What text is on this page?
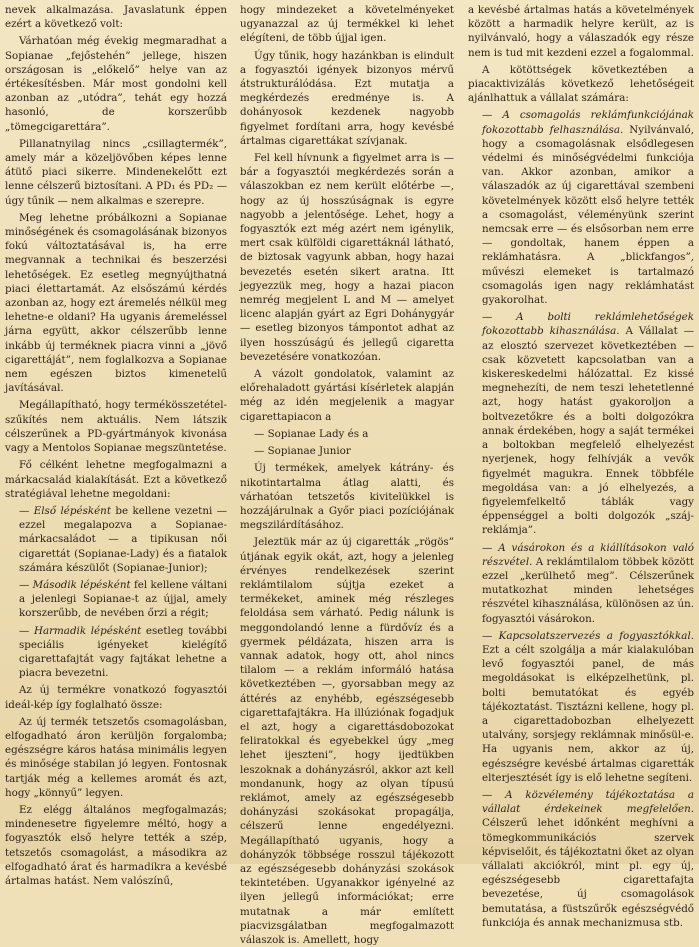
nevek alkalmazása. Javaslatunk éppen ezért a következő volt:

Várhatóan még évekig megmaradhat a Sopianae „fejőstehén” jellege, hiszen országosan is „előkelő” helye van az értékesítésben. Már most gondolni kell azonban az „utódra”, tehát egy hozzá hasonló, de korszerűbb „tömegcigarettára”.

Pillanatnyilag nincs „csillagtermék”, amely már a közeljövőben képes lenne átütő piaci sikerre. Mindenekelőtt ezt lenne célszerű biztosítani. A PD₁ és PD₂ — úgy tűnik — nem alkalmas e szerepre.

Meg lehetne próbálkozni a Sopianae minőségének és csomagolásának bizonyos fokú változtatásával is, ha erre megvannak a technikai és beszerzési lehetőségek. Ez esetleg megnyújthatná piaci élettartamát. Az elsőszámú kérdés azonban az, hogy ezt áremelés nélkül meg lehetne-e oldani? Ha ugyanis áremeléssel járna együtt, akkor célszerűbb lenne inkább új terméknek piacra vinni a „jövő cigarettáját”, nem foglalkozva a Sopianae nem egészen biztos kimenetelű javításával.

Megállapítható, hogy termékösszetétel-szűkítés nem aktuális. Nem látszik célszerűnek a PD-gyártmányok kivonása vagy a Mentolos Sopianae megszüntetése.

Fő célként lehetne megfogalmazni a márkacsalád kialakítását. Ezt a következő stratégiával lehetne megoldani:

— Első lépésként be kellene vezetni — ezzel megalapozva a Sopianae-márkacsaládot — a tipikusan női cigarettát (Sopianae-Lady) és a fiatalok számára készülőt (Sopianae-Junior);

— Második lépésként fel kellene váltani a jelenlegi Sopianae-t az újjal, amely korszerűbb, de nevében őrzi a régit;

— Harmadik lépésként esetleg további speciális igényeket kielégítő cigarettafajtát vagy fajtákat lehetne a piacra bevezetni.

Az új termékre vonatkozó fogyasztói ideál-kép így foglalható össze:

Az új termék tetszetős csomagolásban, elfogadható áron kerüljön forgalomba; egészségre káros hatása minimális legyen és minősége stabilan jó legyen. Fontosnak tartják még a kellemes aromát és azt, hogy „könnyű” legyen.

Ez elégg általános megfogalmazás; mindenesetre figyelemre méltó, hogy a fogyasztók első helyre tették a szép, tetszetős csomagolást, a másodikra az elfogadható árat és harmadikra a kevésbé ártalmas hatást. Nem valószínű,

hogy mindezeket a követelményeket ugyanazzal az új termékkel ki lehet elégíteni, de több újjal igen.

Úgy tűnik, hogy hazánkban is elindult a fogyasztói igények bizonyos mérvű átstrukturálódása. Ezt mutatja a megkérdezés eredménye is. A dohányosok kezdenek nagyobb figyelmet fordítani arra, hogy kevésbé ártalmas cigarettákat szívjanak.

Fel kell hívnunk a figyelmet arra is — bár a fogyasztói megkérdezés során a válaszokban ez nem került előtérbe —, hogy az új hosszúságnak is egyre nagyobb a jelentősége. Lehet, hogy a fogyasztók ezt még azért nem igénylik, mert csak külföldi cigarettáknál látható, de biztosak vagyunk abban, hogy hazai bevezetés esetén sikert aratna. Itt jegyezzük meg, hogy a hazai piacon nemrég megjelent L and M — amelyet licenc alapján gyárt az Egri Dohánygyár — esetleg bizonyos támpontot adhat az ilyen hosszúságú és jellegű cigaretta bevezetésére vonatkozóan.

A vázolt gondolatok, valamint az előrehaladott gyártási kísérletek alapján még az idén megjelenik a magyar cigarettapiacon a

— Sopianae Lady és a

— Sopianae Junior

Új termékek, amelyek kátrány- és nikotintartalma átlag alatti, és várhatóan tetszetős kivitelükkel is hozzájárulnak a Győr piaci pozíciójának megszilárdításához.

Jeleztük már az új cigaretták „rögös” útjának egyik okát, azt, hogy a jelenleg érvényes rendelkezések szerint reklámtilalom sújtja ezeket a termékeket, aminek még részleges feloldása sem várható. Pedig nálunk is meggondolandó lenne a fürdővíz és a gyermek példázata, hiszen arra is vannak adatok, hogy ott, ahol nincs tilalom — a reklám informáló hatása következtében —, gyorsabban megy az áttérés az enyhébb, egészségesebb cigarettafajtákra. Ha illúziónak fogadjuk el azt, hogy a cigarettásdobozokat feliratokkal és egyebekkel úgy „meg lehet ijeszteni”, hogy ijedtükben leszoknak a dohányzásról, akkor azt kell mondanunk, hogy az olyan típusú reklámot, amely az egészségesebb dohányzási szokásokat propagálja, célszerű lenne engedélyezni. Megállapítható ugyanis, hogy a dohányzók többsége rosszul tájékozott az egészségesebb dohányzási szokások tekintetében. Ugyanakkor igényelné az ilyen jellegű információkat; erre mutatnak a már említett piacvizsgálatban megfogalmazott válaszok is. Amellett, hogy

a kevésbé ártalmas hatás a követelmények között a harmadik helyre került, az is nyilvánvaló, hogy a válaszadók egy része nem is tud mit kezdeni ezzel a fogalommal.

A kötöttségek következtében a piacaktivizálás következő lehetőségeit ajánlhattuk a vállalat számára:

— A csomagolás reklámfunkciójának fokozottabb felhasználása. Nyilvánvaló, hogy a csomagolásnak elsődlegesen védelmi és minőségvédelmi funkciója van. Akkor azonban, amikor a válaszadók az új cigarettával szembeni követelmények között első helyre tették a csomagolást, véleményünk szerint nemcsak erre — és elsősorban nem erre — gondoltak, hanem éppen a reklámhatásra. A „blickfangos”, művészi elemeket is tartalmazó csomagolás igen nagy reklámhatást gyakorolhat.

— A bolti reklámlehetőségek fokozottabb kihasználása. A Vállalat — az elosztó szervezet következtében — csak közvetett kapcsolatban van a kiskereskedelmi hálózattal. Ez kissé megnehezíti, de nem teszi lehetetlenné azt, hogy hatást gyakoroljon a boltvezetőkre és a bolti dolgozókra annak érdekében, hogy a saját termékei a boltokban megfelelő elhelyezést nyerjenek, hogy felhívják a vevők figyelmét magukra. Ennek többféle megoldása van: a jó elhelyezés, a figyelemfelkeltő táblák vagy éppenséggel a bolti dolgozók „száj-reklámja”.

— A vásárokon és a kiállításokon való részvétel. A reklámtilalom többek között ezzel „kerülhető meg”. Célszerűnek mutatkozhat minden lehetséges részvétel kihasználása, különösen az ún. fogyasztói vásárokon.

— Kapcsolatszervezés a fogyasztókkal. Ezt a célt szolgálja a már kialakulóban levő fogyasztói panel, de más megoldásokat is elképzelhetünk, pl. bolti bemutatókat és egyéb tájékoztatást. Tisztázni kellene, hogy pl. a cigarettadobozban elhelyezett utalvány, sorsjegy reklámnak minősül-e. Ha ugyanis nem, akkor az új, egészségre kevésbé ártalmas cigaretták elterjesztését így is elő lehetne segíteni.

— A közvélemény tájékoztatása a vállalat érdekeinek megfelelően. Célszerű lehet időnként meghívni a tömegkommunikációs szervek képviselőit, és tájékoztatni őket az olyan vállalati akciókról, mint pl. egy új, egészségesebb cigarettafajta bevezetése, új csomagolások bemutatása, a füstszűrők egészségvédő funkciója és annak mechanizmusa stb.
